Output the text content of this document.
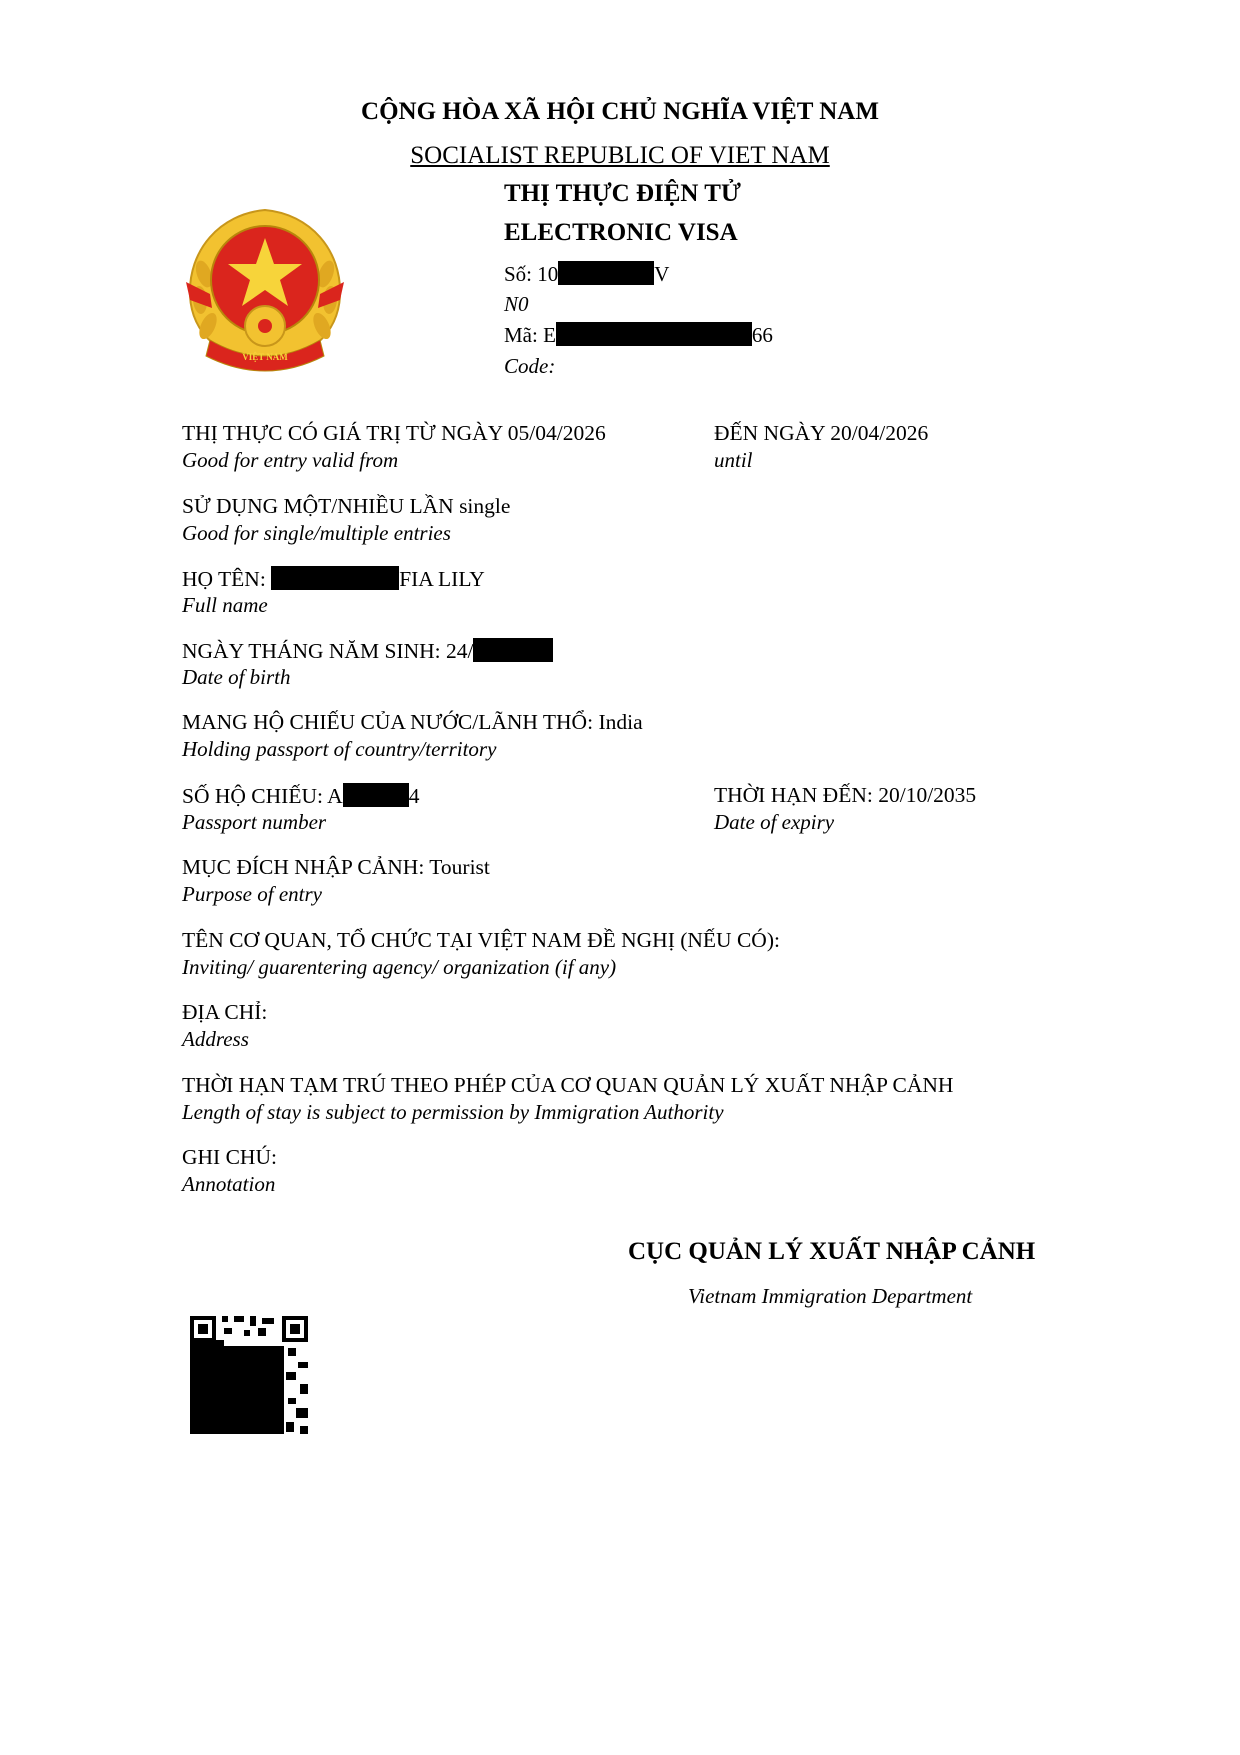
CỘNG HÒA XÃ HỘI CHỦ NGHĨA VIỆT NAM
SOCIALIST REPUBLIC OF VIET NAM
THỊ THỰC ĐIỆN TỬ
ELECTRONIC VISA
VIỆT NAM
Số: 10	V
N0
Mã: E	66
Code:
THỊ THỰC CÓ GIÁ TRỊ TỪ NGÀY 05/04/2026
Good for entry valid from
ĐẾN NGÀY 20/04/2026
until
SỬ DỤNG MỘT/NHIỀU LẦN single
Good for single/multiple entries
HỌ TÊN:	FIA LILY
Full name
NGÀY THÁNG NĂM SINH: 24/
Date of birth
MANG HỘ CHIẾU CỦA NƯỚC/LÃNH THỔ: India
Holding passport of country/territory
SỐ HỘ CHIẾU: A	4
Passport number
THỜI HẠN ĐẾN: 20/10/2035
Date of expiry
MỤC ĐÍCH NHẬP CẢNH: Tourist
Purpose of entry
TÊN CƠ QUAN, TỔ CHỨC TẠI VIỆT NAM ĐỀ NGHỊ (NẾU CÓ):
Inviting/ guarentering agency/ organization (if any)
ĐỊA CHỈ:
Address
THỜI HẠN TẠM TRÚ THEO PHÉP CỦA CƠ QUAN QUẢN LÝ XUẤT NHẬP CẢNH
Length of stay is subject to permission by Immigration Authority
GHI CHÚ:
Annotation
CỤC QUẢN LÝ XUẤT NHẬP CẢNH
Vietnam Immigration Department
